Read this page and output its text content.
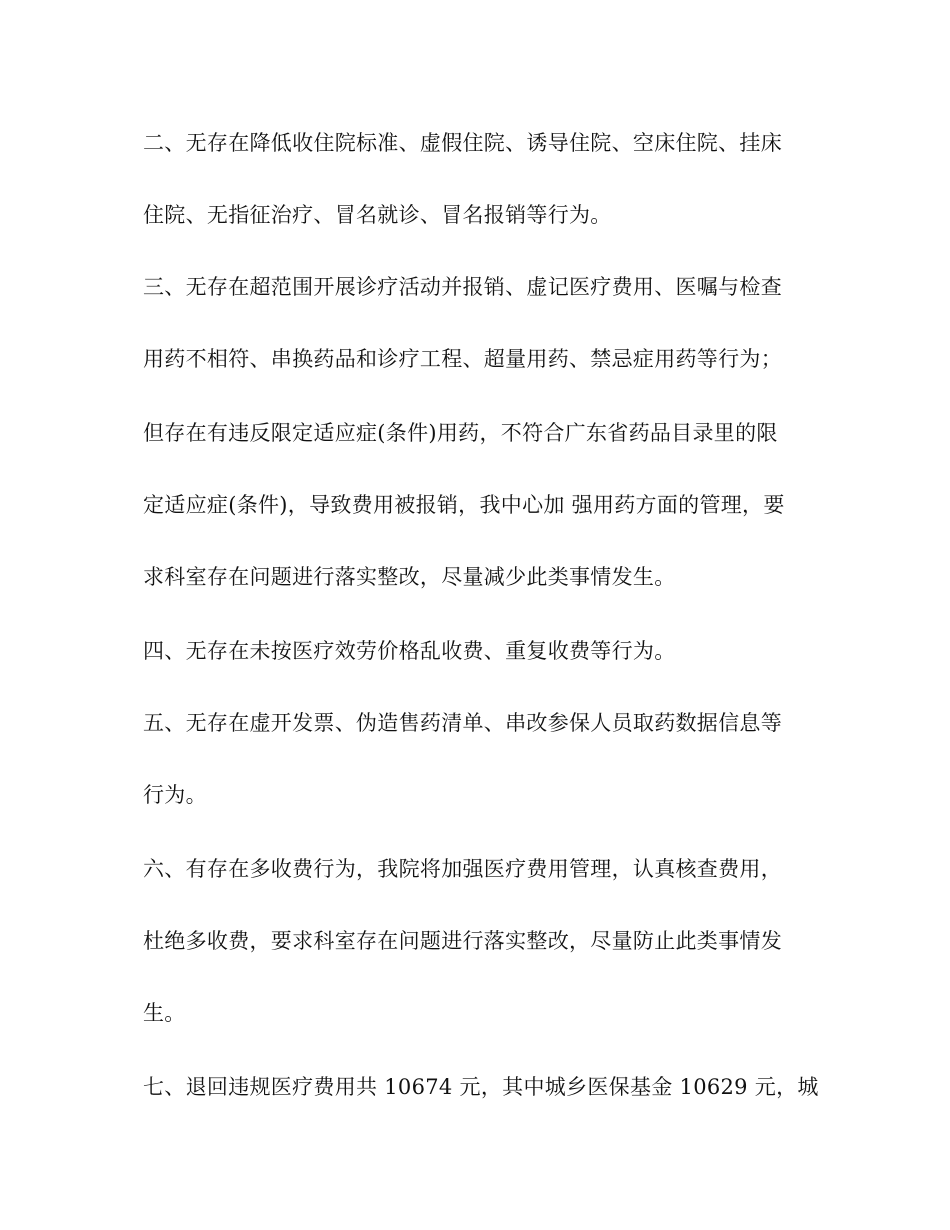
二、无存在降低收住院标准、虚假住院、诱导住院、空床住院、挂床
住院、无指征治疗、冒名就诊、冒名报销等行为。
三、无存在超范围开展诊疗活动并报销、虚记医疗费用、医嘱与检查
用药不相符、串换药品和诊疗工程、超量用药、禁忌症用药等行为；
但存在有违反限定适应症(条件)用药，不符合广东省药品目录里的限
定适应症(条件)，导致费用被报销，我中心加 强用药方面的管理，要
求科室存在问题进行落实整改，尽量减少此类事情发生。
四、无存在未按医疗效劳价格乱收费、重复收费等行为。
五、无存在虚开发票、伪造售药清单、串改参保人员取药数据信息等
行为。
六、有存在多收费行为，我院将加强医疗费用管理，认真核查费用，
杜绝多收费，要求科室存在问题进行落实整改，尽量防止此类事情发
生。
七、退回违规医疗费用共 10674 元，其中城乡医保基金 10629 元，城
